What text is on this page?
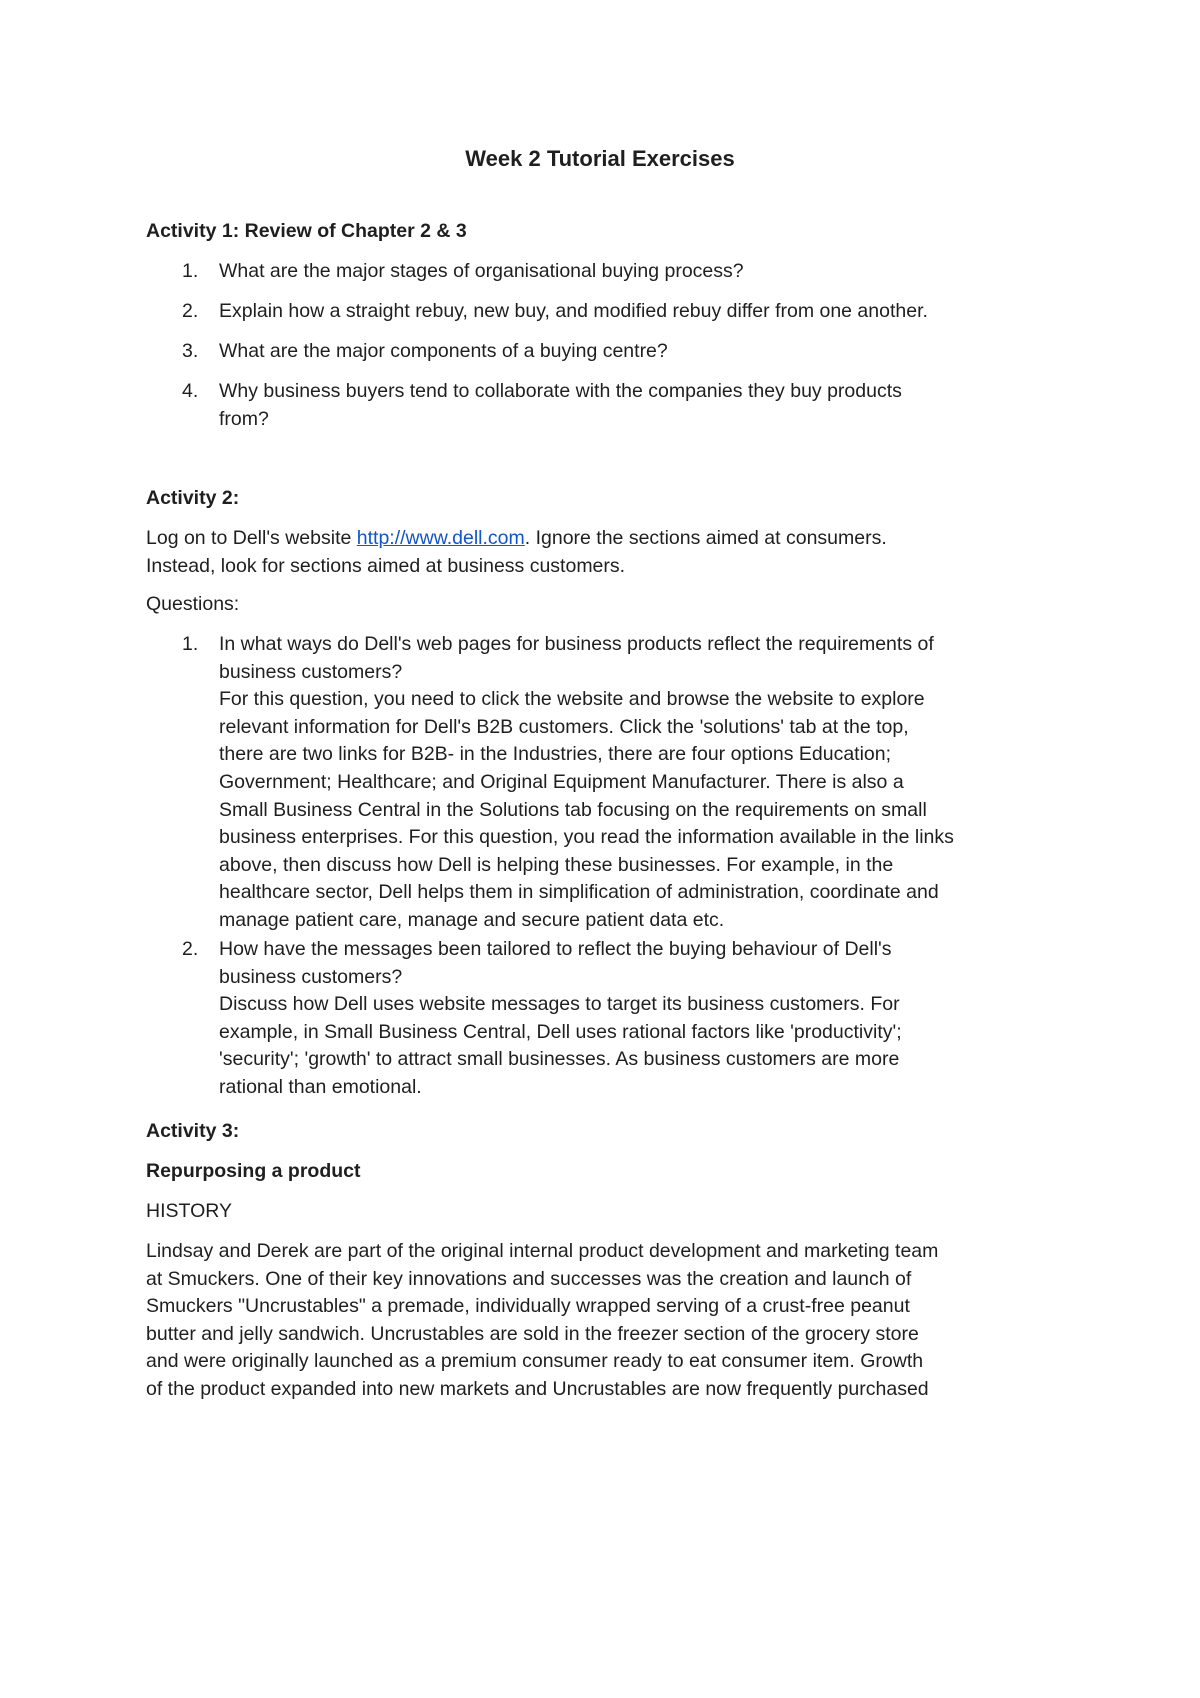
Week 2 Tutorial Exercises
Activity 1: Review of Chapter 2 & 3
1. What are the major stages of organisational buying process?
2. Explain how a straight rebuy, new buy, and modified rebuy differ from one another.
3. What are the major components of a buying centre?
4. Why business buyers tend to collaborate with the companies they buy products
from?
Activity 2:
Log on to Dell's website http://www.dell.com. Ignore the sections aimed at consumers.
Instead, look for sections aimed at business customers.
Questions:
1. In what ways do Dell's web pages for business products reflect the requirements of
business customers?
For this question, you need to click the website and browse the website to explore
relevant information for Dell's B2B customers. Click the 'solutions' tab at the top,
there are two links for B2B- in the Industries, there are four options Education;
Government; Healthcare; and Original Equipment Manufacturer. There is also a
Small Business Central in the Solutions tab focusing on the requirements on small
business enterprises. For this question, you read the information available in the links
above, then discuss how Dell is helping these businesses. For example, in the
healthcare sector, Dell helps them in simplification of administration, coordinate and
manage patient care, manage and secure patient data etc.
2. How have the messages been tailored to reflect the buying behaviour of Dell's
business customers?
Discuss how Dell uses website messages to target its business customers. For
example, in Small Business Central, Dell uses rational factors like 'productivity';
'security'; 'growth' to attract small businesses. As business customers are more
rational than emotional.
Activity 3:
Repurposing a product
HISTORY
Lindsay and Derek are part of the original internal product development and marketing team
at Smuckers. One of their key innovations and successes was the creation and launch of
Smuckers "Uncrustables" a premade, individually wrapped serving of a crust-free peanut
butter and jelly sandwich. Uncrustables are sold in the freezer section of the grocery store
and were originally launched as a premium consumer ready to eat consumer item. Growth
of the product expanded into new markets and Uncrustables are now frequently purchased
